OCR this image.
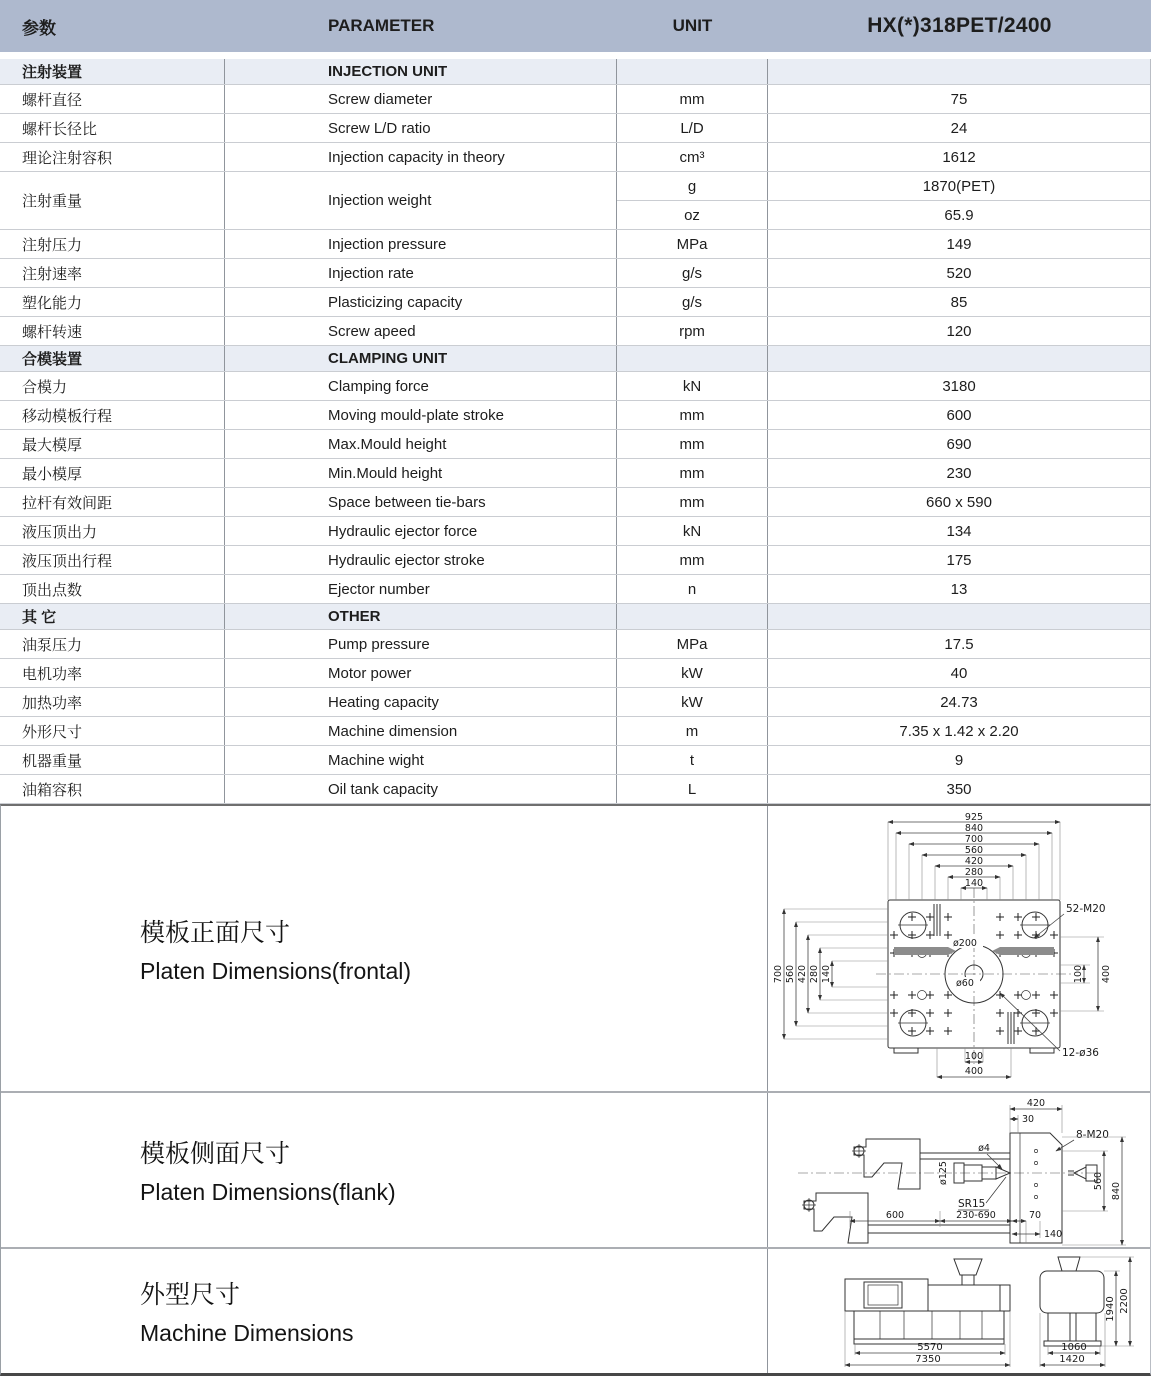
参数	PARAMETER	UNIT	HX(*)318PET/2400
注射装置	INJECTION UNIT
螺杆直径	Screw diameter	mm	75
螺杆长径比	Screw L/D ratio	L/D	24
理论注射容积	Injection capacity in theory	cm³	1612
注射重量	Injection weight
g	1870(PET)
oz	65.9
注射压力	Injection pressure	MPa	149
注射速率	Injection rate	g/s	520
塑化能力	Plasticizing capacity	g/s	85
螺杆转速	Screw apeed	rpm	120
合模装置	CLAMPING UNIT
合模力	Clamping force	kN	3180
移动模板行程	Moving mould-plate stroke	mm	600
最大模厚	Max.Mould height	mm	690
最小模厚	Min.Mould height	mm	230
拉杆有效间距	Space between tie-bars	mm	660 x 590
液压顶出力	Hydraulic ejector force	kN	134
液压顶出行程	Hydraulic ejector stroke	mm	175
顶出点数	Ejector number	n	13
其 它	OTHER
油泵压力	Pump pressure	MPa	17.5
电机功率	Motor power	kW	40
加热功率	Heating capacity	kW	24.73
外形尺寸	Machine dimension	m	7.35 x 1.42 x 2.20
机器重量	Machine wight	t	9
油箱容积	Oil tank capacity	L	350
模板正面尺寸
Platen Dimensions(frontal)
925
840
700
560
420
280
140
700 560 420 280 140	100 400
100
400
52-M20
12-ø36
ø200
ø60
模板侧面尺寸
Platen Dimensions(flank)
420
30
8-M20
ø4
ø125
SR15
560
840
600	230-690	70
140
外型尺寸
Machine Dimensions
5570
7350
1060
1420
1940 2200
